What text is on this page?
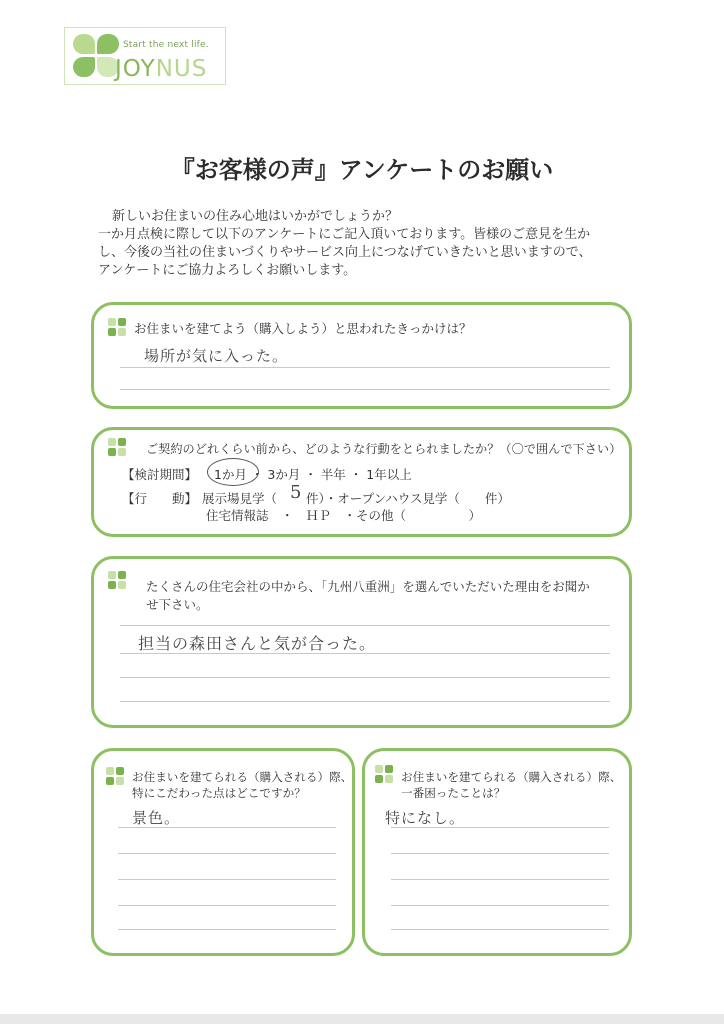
Start the next life.
JOYNUS
『お客様の声』アンケートのお願い
新しいお住まいの住み心地はいかがでしょうか？
一か月点検に際して以下のアンケートにご記入頂いております。皆様のご意見を生か
し、今後の当社の住まいづくりやサービス向上につなげていきたいと思いますので、
アンケートにご協力よろしくお願いします。
お住まいを建てよう（購入しよう）と思われたきっかけは？
場所が気に入った。
ご契約のどれくらい前から、どのような行動をとられましたか？（〇で囲んで下さい）
【検討期間】 1か月 ・ 3か月 ・ 半年 ・ 1年以上
【行　　動】 展示場見学（ 5 件）・オープンハウス見学（　　件）
住宅情報誌　・　ＨＰ　・その他（　　　　　）
たくさんの住宅会社の中から、「九州八重洲」を選んでいただいた理由をお聞か
せ下さい。
担当の森田さんと気が合った。
お住まいを建てられる（購入される）際、
特にこだわった点はどこですか？
景色。
お住まいを建てられる（購入される）際、
一番困ったことは？
特になし。
